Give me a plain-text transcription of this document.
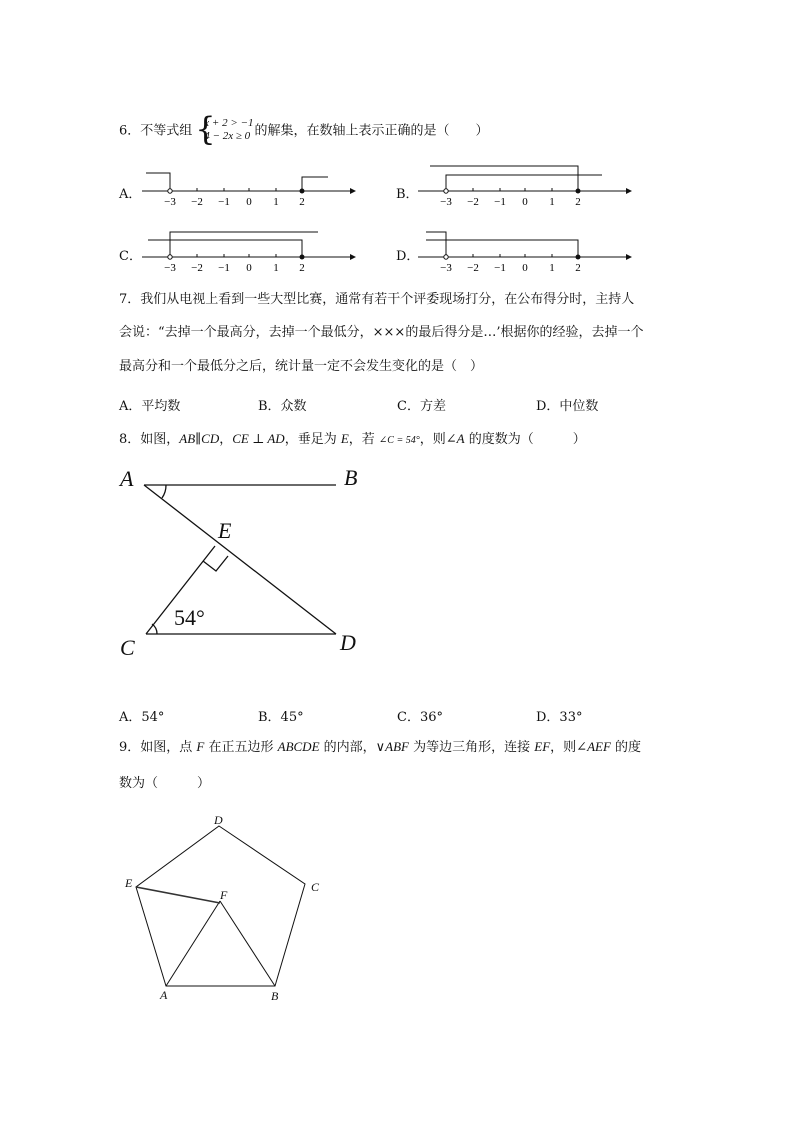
6．不等式组 {
x + 2 > −1
4 − 2x ≥ 0 的解集，在数轴上表示正确的是（　　）
A．	B．
C．	D．
−3 −2 −1 0 1 2	−3 −2 −1 0 1 2
−3 −2 −1 0 1 2	−3 −2 −1 0 1 2
7．我们从电视上看到一些大型比赛，通常有若干个评委现场打分，在公布得分时，主持人
会说：“去掉一个最高分，去掉一个最低分，×××的最后得分是…’根据你的经验，去掉一个
最高分和一个最低分之后，统计量一定不会发生变化的是（　）
A．平均数	B．众数	C．方差	D．中位数
8．如图，AB∥CD，CE ⊥ AD，垂足为 E，若 ∠C = 54°，则∠A 的度数为（　　　）
A	B
E
C	D
54°
A．54°	B．45°	C．36°	D．33°
9．如图，点 F 在正五边形 ABCDE 的内部，∨ABF 为等边三角形，连接 EF，则∠AEF 的度
数为（　　　）
D
C
E
F
A	B
